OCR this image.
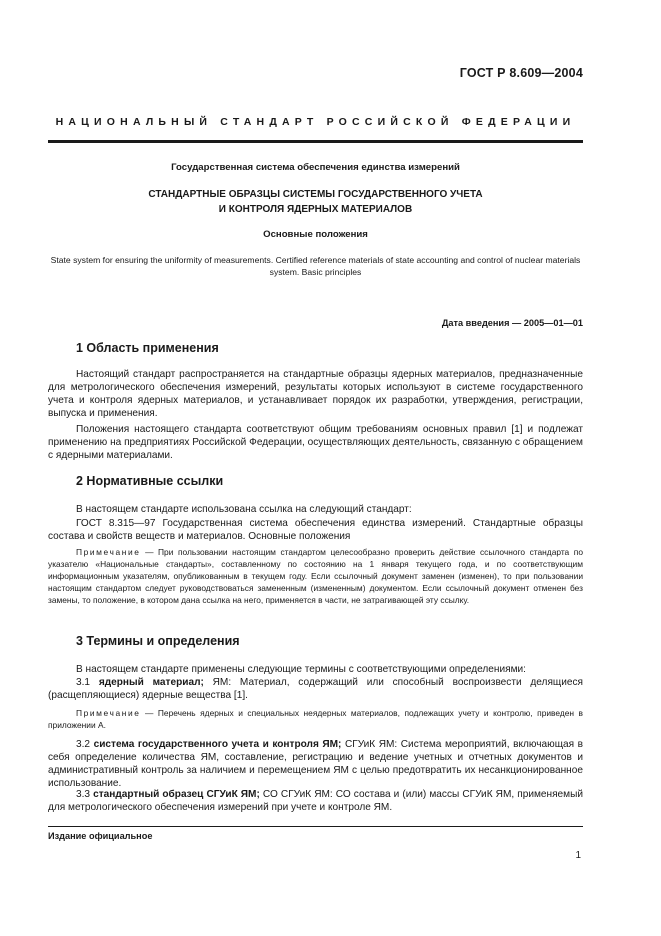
ГОСТ Р 8.609—2004
НАЦИОНАЛЬНЫЙ СТАНДАРТ РОССИЙСКОЙ ФЕДЕРАЦИИ
Государственная система обеспечения единства измерений
СТАНДАРТНЫЕ ОБРАЗЦЫ СИСТЕМЫ ГОСУДАРСТВЕННОГО УЧЕТА
И КОНТРОЛЯ ЯДЕРНЫХ МАТЕРИАЛОВ
Основные положения
State system for ensuring the uniformity of measurements. Certified reference materials of state accounting and control of nuclear materials system. Basic principles
Дата введения — 2005—01—01
1 Область применения
Настоящий стандарт распространяется на стандартные образцы ядерных материалов, предназначенные для метрологического обеспечения измерений, результаты которых используют в системе государственного учета и контроля ядерных материалов, и устанавливает порядок их разработки, утверждения, регистрации, выпуска и применения.
Положения настоящего стандарта соответствуют общим требованиям основных правил [1] и подлежат применению на предприятиях Российской Федерации, осуществляющих деятельность, связанную с обращением с ядерными материалами.
2 Нормативные ссылки
В настоящем стандарте использована ссылка на следующий стандарт:
ГОСТ 8.315—97 Государственная система обеспечения единства измерений. Стандартные образцы состава и свойств веществ и материалов. Основные положения
Примечание — При пользовании настоящим стандартом целесообразно проверить действие ссылочного стандарта по указателю «Национальные стандарты», составленному по состоянию на 1 января текущего года, и по соответствующим информационным указателям, опубликованным в текущем году. Если ссылочный документ заменен (изменен), то при пользовании настоящим стандартом следует руководствоваться замененным (измененным) документом. Если ссылочный документ отменен без замены, то положение, в котором дана ссылка на него, применяется в части, не затрагивающей эту ссылку.
3 Термины и определения
В настоящем стандарте применены следующие термины с соответствующими определениями:
3.1 ядерный материал; ЯМ: Материал, содержащий или способный воспроизвести делящиеся (расщепляющиеся) ядерные вещества [1].
Примечание — Перечень ядерных и специальных неядерных материалов, подлежащих учету и контролю, приведен в приложении А.
3.2 система государственного учета и контроля ЯМ; СГУиК ЯМ: Система мероприятий, включающая в себя определение количества ЯМ, составление, регистрацию и ведение учетных и отчетных документов и административный контроль за наличием и перемещением ЯМ с целью предотвратить их несанкционированное использование.
3.3 стандартный образец СГУиК ЯМ; СО СГУиК ЯМ: СО состава и (или) массы СГУиК ЯМ, применяемый для метрологического обеспечения измерений при учете и контроле ЯМ.
Издание официальное
1
